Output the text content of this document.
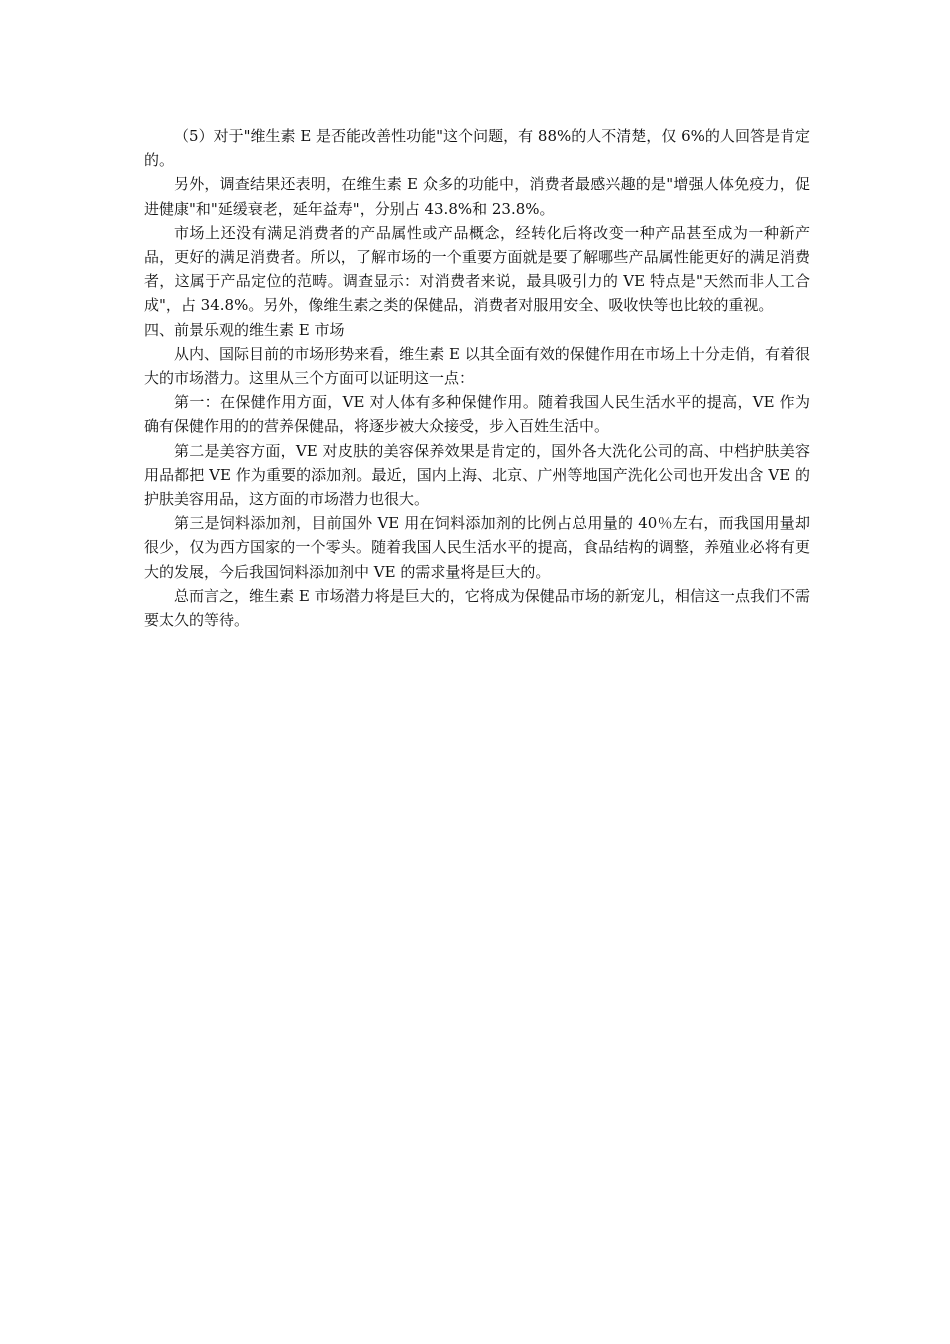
（5）对于"维生素 E 是否能改善性功能"这个问题，有 88%的人不清楚，仅 6%的人回答是肯定的。

另外，调查结果还表明，在维生素 E 众多的功能中，消费者最感兴趣的是"增强人体免疫力，促进健康"和"延缓衰老，延年益寿"，分别占 43.8%和 23.8%。

市场上还没有满足消费者的产品属性或产品概念，经转化后将改变一种产品甚至成为一种新产品，更好的满足消费者。所以，了解市场的一个重要方面就是要了解哪些产品属性能更好的满足消费者，这属于产品定位的范畴。调查显示：对消费者来说，最具吸引力的 VE 特点是"天然而非人工合成"，占 34.8%。另外，像维生素之类的保健品，消费者对服用安全、吸收快等也比较的重视。

四、前景乐观的维生素 E 市场

从内、国际目前的市场形势来看，维生素 E 以其全面有效的保健作用在市场上十分走俏，有着很大的市场潜力。这里从三个方面可以证明这一点：

第一：在保健作用方面，VE 对人体有多种保健作用。随着我国人民生活水平的提高，VE 作为确有保健作用的的营养保健品，将逐步被大众接受，步入百姓生活中。

第二是美容方面，VE 对皮肤的美容保养效果是肯定的，国外各大洗化公司的高、中档护肤美容用品都把 VE 作为重要的添加剂。最近，国内上海、北京、广州等地国产洗化公司也开发出含 VE 的护肤美容用品，这方面的市场潜力也很大。

第三是饲料添加剂，目前国外 VE 用在饲料添加剂的比例占总用量的 40％左右，而我国用量却很少，仅为西方国家的一个零头。随着我国人民生活水平的提高，食品结构的调整，养殖业必将有更大的发展，今后我国饲料添加剂中 VE 的需求量将是巨大的。

总而言之，维生素 E 市场潜力将是巨大的，它将成为保健品市场的新宠儿，相信这一点我们不需要太久的等待。
